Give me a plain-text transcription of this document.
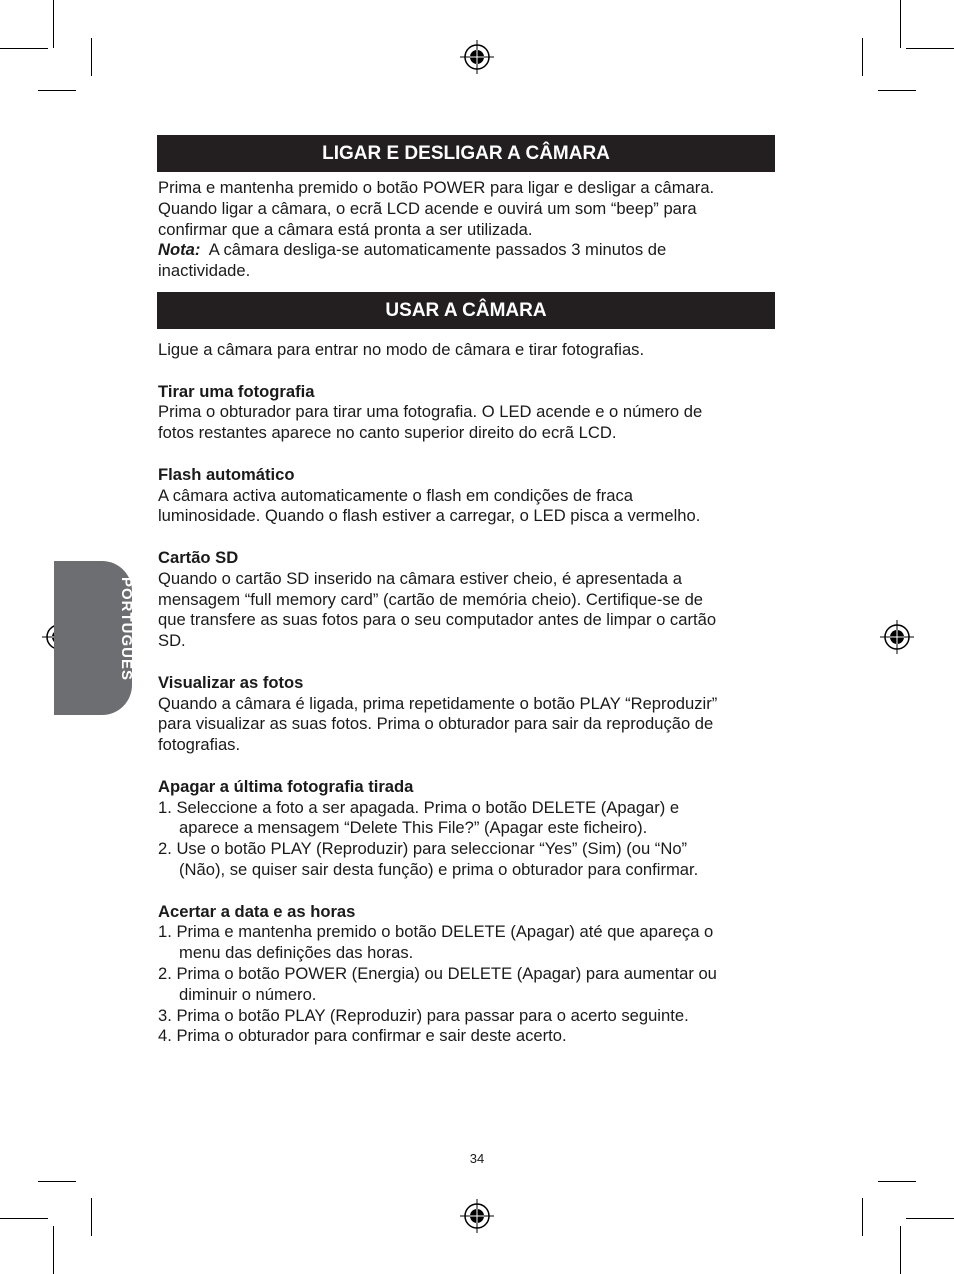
PORTUGUÊS
LIGAR E DESLIGAR A CÂMARA

Prima e mantenha premido o botão POWER para ligar e desligar a câmara.

Quando ligar a câmara, o ecrã LCD acende e ouvirá um som “beep” para

confirmar que a câmara está pronta a ser utilizada.

Nota: A câmara desliga-se automaticamente passados 3 minutos de

inactividade.

USAR A CÂMARA

Ligue a câmara para entrar no modo de câmara e tirar fotografias.

Tirar uma fotografia

Prima o obturador para tirar uma fotografia. O LED acende e o número de

fotos restantes aparece no canto superior direito do ecrã LCD.

Flash automático

A câmara activa automaticamente o flash em condições de fraca

luminosidade. Quando o flash estiver a carregar, o LED pisca a vermelho.

Cartão SD

Quando o cartão SD inserido na câmara estiver cheio, é apresentada a

mensagem “full memory card” (cartão de memória cheio). Certifique-se de

que transfere as suas fotos para o seu computador antes de limpar o cartão

SD.

Visualizar as fotos

Quando a câmara é ligada, prima repetidamente o botão PLAY “Reproduzir”

para visualizar as suas fotos. Prima o obturador para sair da reprodução de

fotografias.

Apagar a última fotografia tirada

1. Seleccione a foto a ser apagada. Prima o botão DELETE (Apagar) e
aparece a mensagem “Delete This File?” (Apagar este ficheiro).
2. Use o botão PLAY (Reproduzir) para seleccionar “Yes” (Sim) (ou “No”
(Não), se quiser sair desta função) e prima o obturador para confirmar.

Acertar a data e as horas

1. Prima e mantenha premido o botão DELETE (Apagar) até que apareça o
menu das definições das horas.
2. Prima o botão POWER (Energia) ou DELETE (Apagar) para aumentar ou
diminuir o número.
3. Prima o botão PLAY (Reproduzir) para passar para o acerto seguinte.
4. Prima o obturador para confirmar e sair deste acerto.
34
